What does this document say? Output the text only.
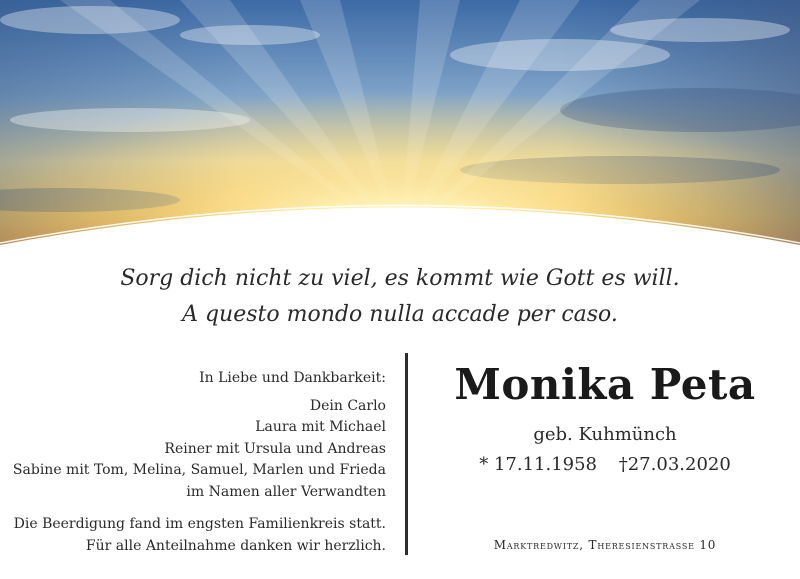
Sorg dich nicht zu viel, es kommt wie Gott es will.
A questo mondo nulla accade per caso.
In Liebe und Dankbarkeit:
Dein Carlo
Laura mit Michael
Reiner mit Ursula und Andreas
Sabine mit Tom, Melina, Samuel, Marlen und Frieda
im Namen aller Verwandten
Die Beerdigung fand im engsten Familienkreis statt.
Für alle Anteilnahme danken wir herzlich.
Monika Peta
geb. Kuhmünch
* 17.11.1958 †27.03.2020
Marktredwitz, Theresienstrasse 10
